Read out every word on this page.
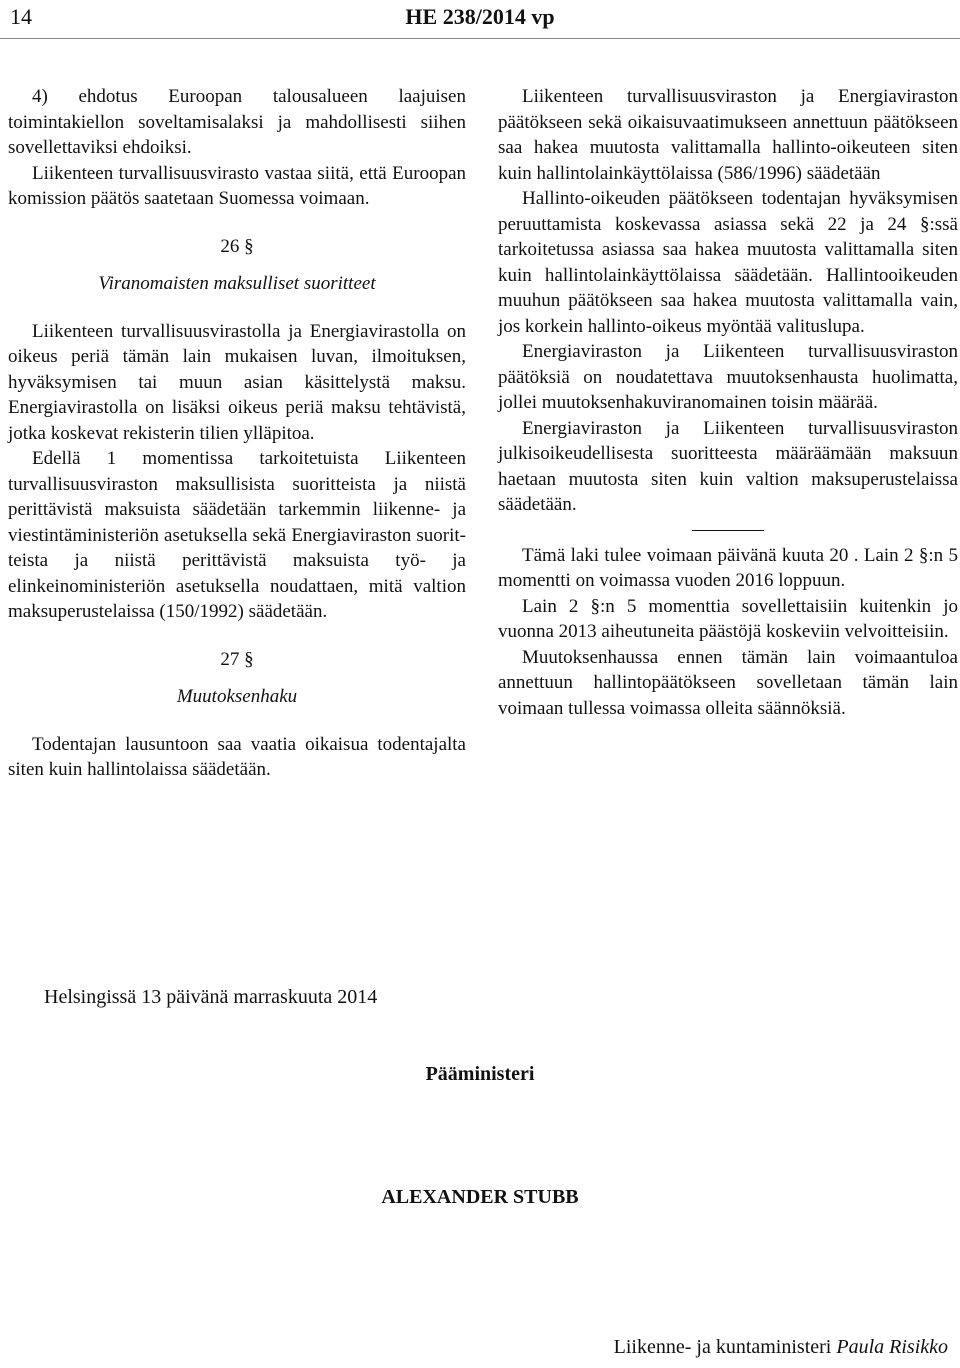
14	HE 238/2014 vp

4) ehdotus Euroopan talousalueen laajuisen toimintakiellon soveltamisalaksi ja mahdollisesti siihen sovellettaviksi ehdoiksi.

Liikenteen turvallisuusvirasto vastaa siitä, että Euroopan komission päätös saatetaan Suomessa voimaan.

26 §

Viranomaisten maksulliset suoritteet

Liikenteen turvallisuusvirastolla ja Energiavirastolla on oikeus periä tämän lain mukaisen luvan, ilmoituksen, hyväksymisen tai muun asian käsittelystä maksu. Energiavirastolla on lisäksi oikeus periä maksu tehtävistä, jotka koskevat rekisterin tilien ylläpitoa.

Edellä 1 momentissa tarkoitetuista Liikenteen turvallisuusviraston maksullisista suoritteista ja niistä perittävistä maksuista säädetään tarkemmin liikenne- ja viestintäministeriön asetuksella sekä Energiaviraston suoritteista ja niistä perittävistä maksuista työ- ja elinkeinoministeriön asetuksella noudattaen, mitä valtion maksuperustelaissa (150/1992) säädetään.

27 §

Muutoksenhaku

Todentajan lausuntoon saa vaatia oikaisua todentajalta siten kuin hallintolaissa säädetään.

Liikenteen turvallisuusviraston ja Energiaviraston päätökseen sekä oikaisuvaatimukseen annettuun päätökseen saa hakea muutosta valittamalla hallinto-oikeuteen siten kuin hallintolainkäyttölaissa (586/1996) säädetään

Hallinto-oikeuden päätökseen todentajan hyväksymisen peruuttamista koskevassa asiassa sekä 22 ja 24 §:ssä tarkoitetussa asiassa saa hakea muutosta valittamalla siten kuin hallintolainkäyttölaissa säädetään. Hallintooikeuden muuhun päätökseen saa hakea muutosta valittamalla vain, jos korkein hallinto-oikeus myöntää valituslupa.

Energiaviraston ja Liikenteen turvallisuusviraston päätöksiä on noudatettava muutoksenhausta huolimatta, jollei muutoksenhakuviranomainen toisin määrää.

Energiaviraston ja Liikenteen turvallisuusviraston julkisoikeudellisesta suoritteesta määräämään maksuun haetaan muutosta siten kuin valtion maksuperustelaissa säädetään.

Tämä laki tulee voimaan päivänä kuuta 20 . Lain 2 §:n 5 momentti on voimassa vuoden 2016 loppuun.

Lain 2 §:n 5 momenttia sovellettaisiin kuitenkin jo vuonna 2013 aiheutuneita päästöjä koskeviin velvoitteisiin.

Muutoksenhaussa ennen tämän lain voimaantuloa annettuun hallintopäätökseen sovelletaan tämän lain voimaan tullessa voimassa olleita säännöksiä.

Helsingissä 13 päivänä marraskuuta 2014
Pääministeri
ALEXANDER STUBB
Liikenne- ja kuntaministeri Paula Risikko
